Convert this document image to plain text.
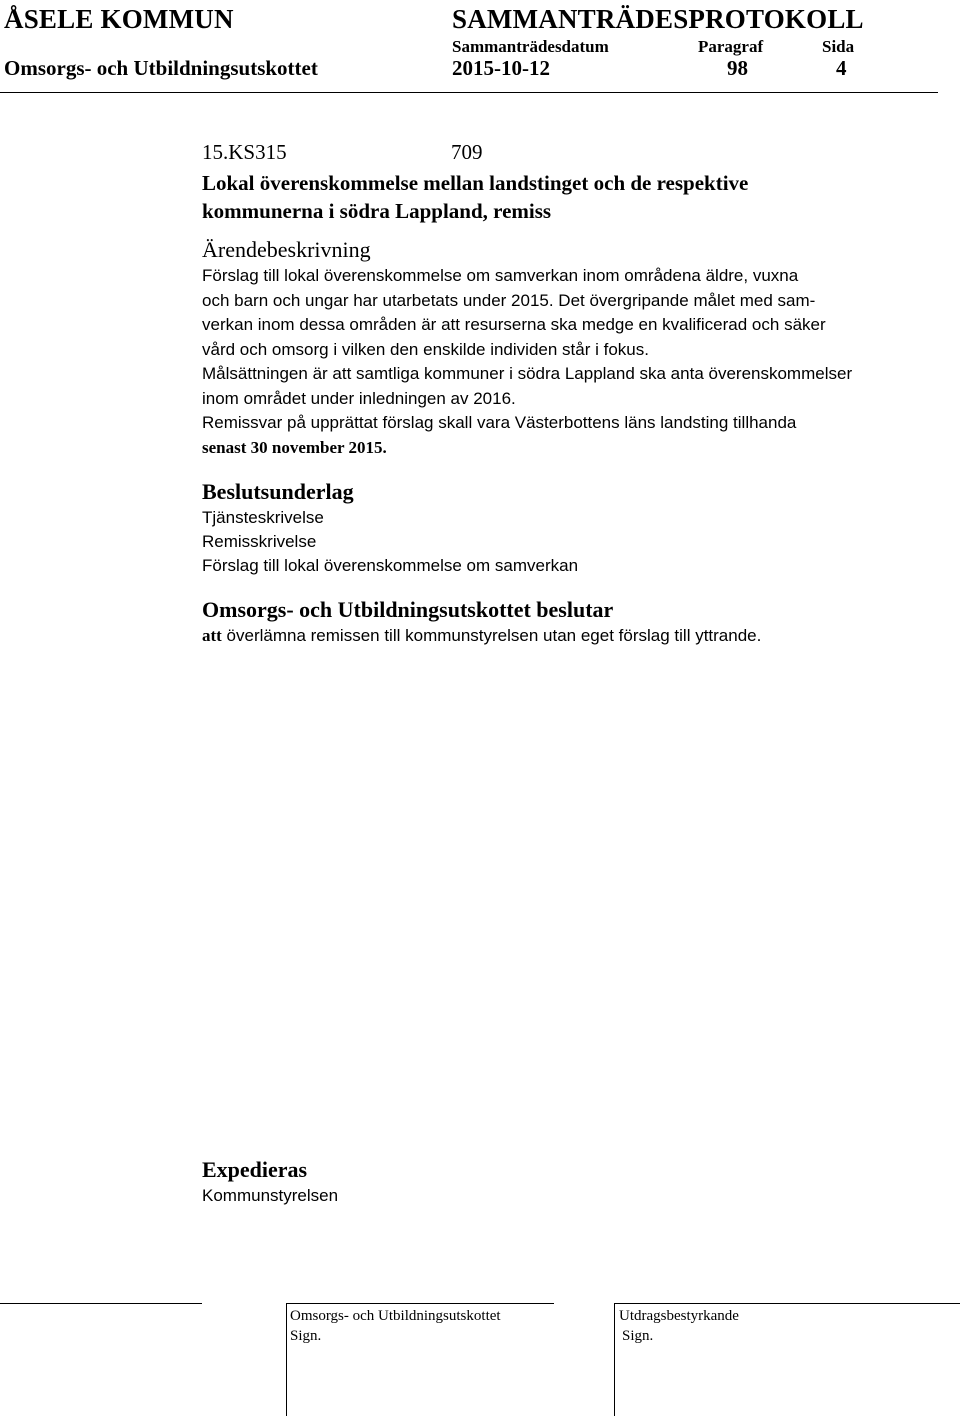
ÅSELE KOMMUN	SAMMANTRÄDESPROTOKOLL
Sammanträdesdatum	Paragraf	Sida
Omsorgs- och Utbildningsutskottet	2015-10-12	98	4
15.KS315	709
Lokal överenskommelse mellan landstinget och de respektive
kommunerna i södra Lappland, remiss
Ärendebeskrivning
Förslag till lokal överenskommelse om samverkan inom områdena äldre, vuxna
och barn och ungar har utarbetats under 2015. Det övergripande målet med sam-
verkan inom dessa områden är att resurserna ska medge en kvalificerad och säker
vård och omsorg i vilken den enskilde individen står i fokus.
Målsättningen är att samtliga kommuner i södra Lappland ska anta överenskommelser
inom området under inledningen av 2016.
Remissvar på upprättat förslag skall vara Västerbottens läns landsting tillhanda
senast 30 november 2015.
Beslutsunderlag
Tjänsteskrivelse
Remisskrivelse
Förslag till lokal överenskommelse om samverkan
Omsorgs- och Utbildningsutskottet beslutar
att överlämna remissen till kommunstyrelsen utan eget förslag till yttrande.
Expedieras
Kommunstyrelsen
Omsorgs- och Utbildningsutskottet
Sign.
Utdragsbestyrkande
Sign.
